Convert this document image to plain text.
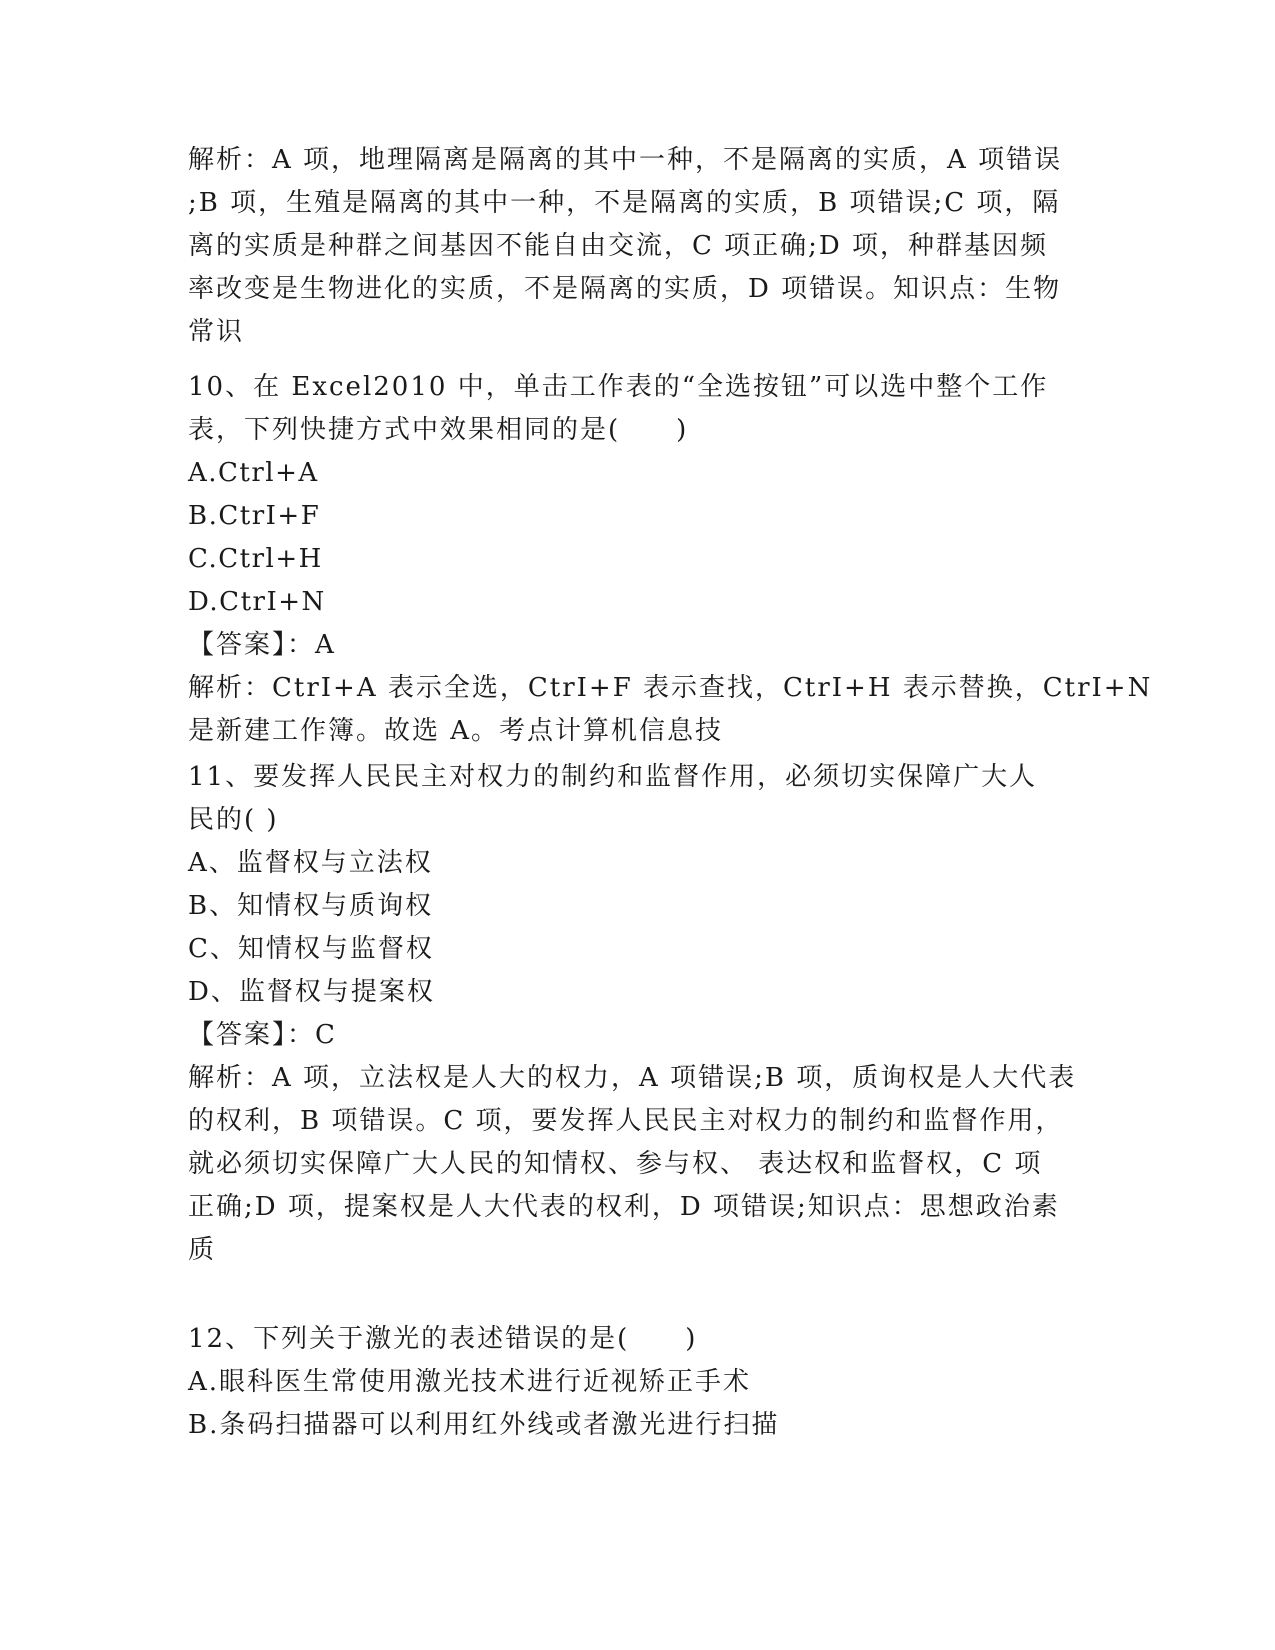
解析：A 项，地理隔离是隔离的其中一种，不是隔离的实质，A 项错误
;B 项，生殖是隔离的其中一种，不是隔离的实质，B 项错误;C 项，隔
离的实质是种群之间基因不能自由交流，C 项正确;D 项，种群基因频
率改变是生物进化的实质，不是隔离的实质，D 项错误。知识点：生物
常识
10、在 Excel2010 中，单击工作表的“全选按钮”可以选中整个工作
表，下列快捷方式中效果相同的是(　　)
A.Ctrl+A
B.CtrI+F
C.Ctrl+H
D.CtrI+N
【答案】：A
解析：CtrI+A 表示全选，CtrI+F 表示查找，CtrI+H 表示替换，CtrI+N
是新建工作簿。故选 A。考点计算机信息技
11、要发挥人民民主对权力的制约和监督作用，必须切实保障广大人
民的( )
A、监督权与立法权
B、知情权与质询权
C、知情权与监督权
D、监督权与提案权
【答案】：C
解析：A 项，立法权是人大的权力，A 项错误;B 项，质询权是人大代表
的权利，B 项错误。C 项，要发挥人民民主对权力的制约和监督作用，
就必须切实保障广大人民的知情权、参与权、 表达权和监督权，C 项
正确;D 项，提案权是人大代表的权利，D 项错误;知识点：思想政治素
质
12、下列关于激光的表述错误的是(　　)
A.眼科医生常使用激光技术进行近视矫正手术
B.条码扫描器可以利用红外线或者激光进行扫描
